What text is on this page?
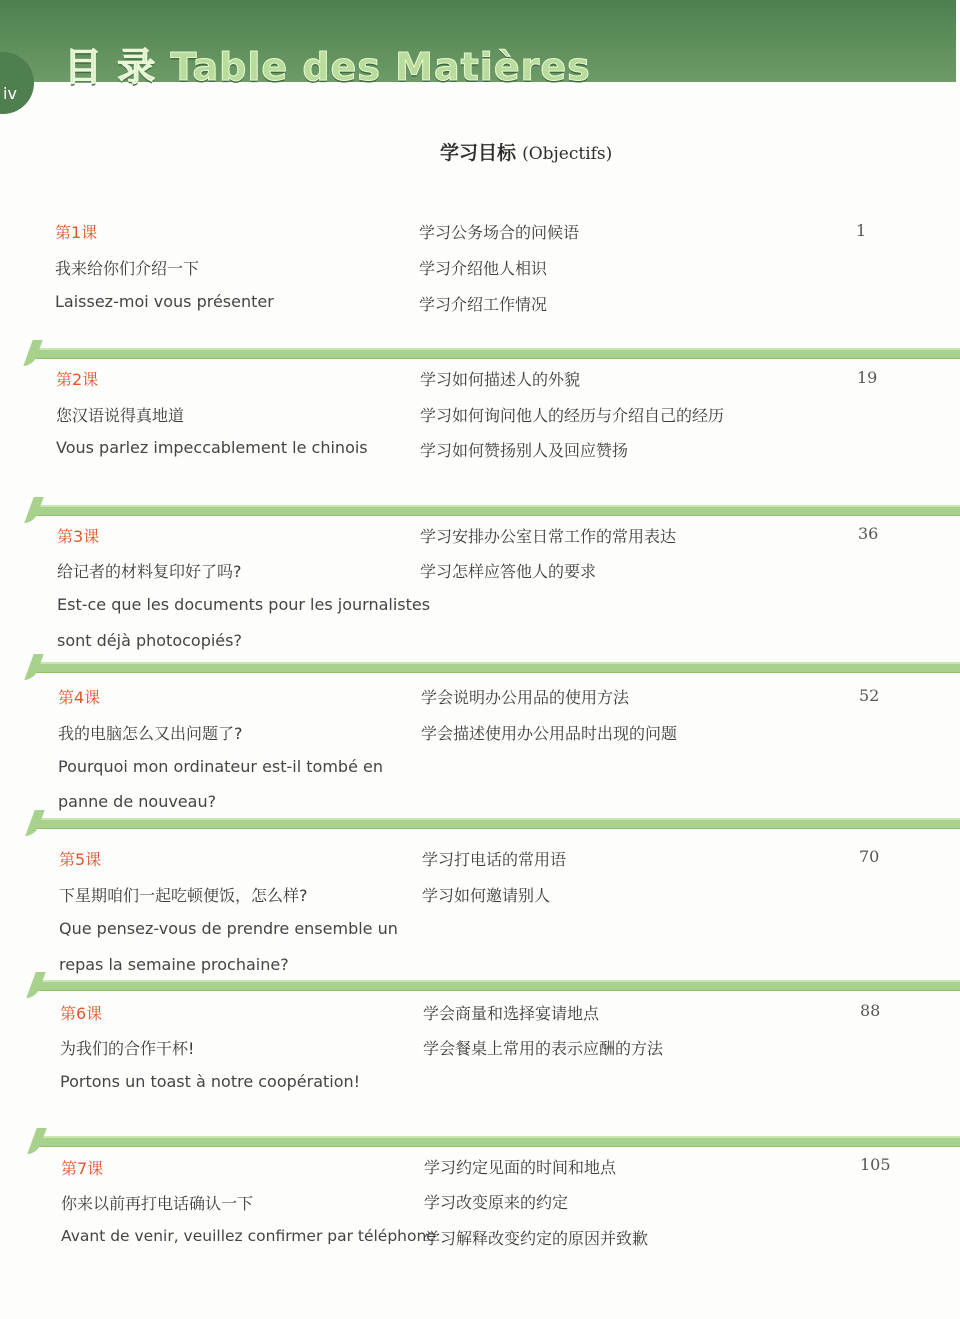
目 录 Table des Matières
iv
学习目标 (Objectifs)
第1课
我来给你们介绍一下
Laissez-moi vous présenter
学习公务场合的问候语
学习介绍他人相识
学习介绍工作情况
1
第2课
您汉语说得真地道
Vous parlez impeccablement le chinois
学习如何描述人的外貌
学习如何询问他人的经历与介绍自己的经历
学习如何赞扬别人及回应赞扬
19
第3课
给记者的材料复印好了吗?
Est-ce que les documents pour les journalistes
sont déjà photocopiés?
学习安排办公室日常工作的常用表达
学习怎样应答他人的要求
36
第4课
我的电脑怎么又出问题了?
Pourquoi mon ordinateur est-il tombé en
panne de nouveau?
学会说明办公用品的使用方法
学会描述使用办公用品时出现的问题
52
第5课
下星期咱们一起吃顿便饭，怎么样?
Que pensez-vous de prendre ensemble un
repas la semaine prochaine?
学习打电话的常用语
学习如何邀请别人
70
第6课
为我们的合作干杯!
Portons un toast à notre coopération!
学会商量和选择宴请地点
学会餐桌上常用的表示应酬的方法
88
第7课
你来以前再打电话确认一下
Avant de venir, veuillez confirmer par téléphone
学习约定见面的时间和地点
学习改变原来的约定
学习解释改变约定的原因并致歉
105
